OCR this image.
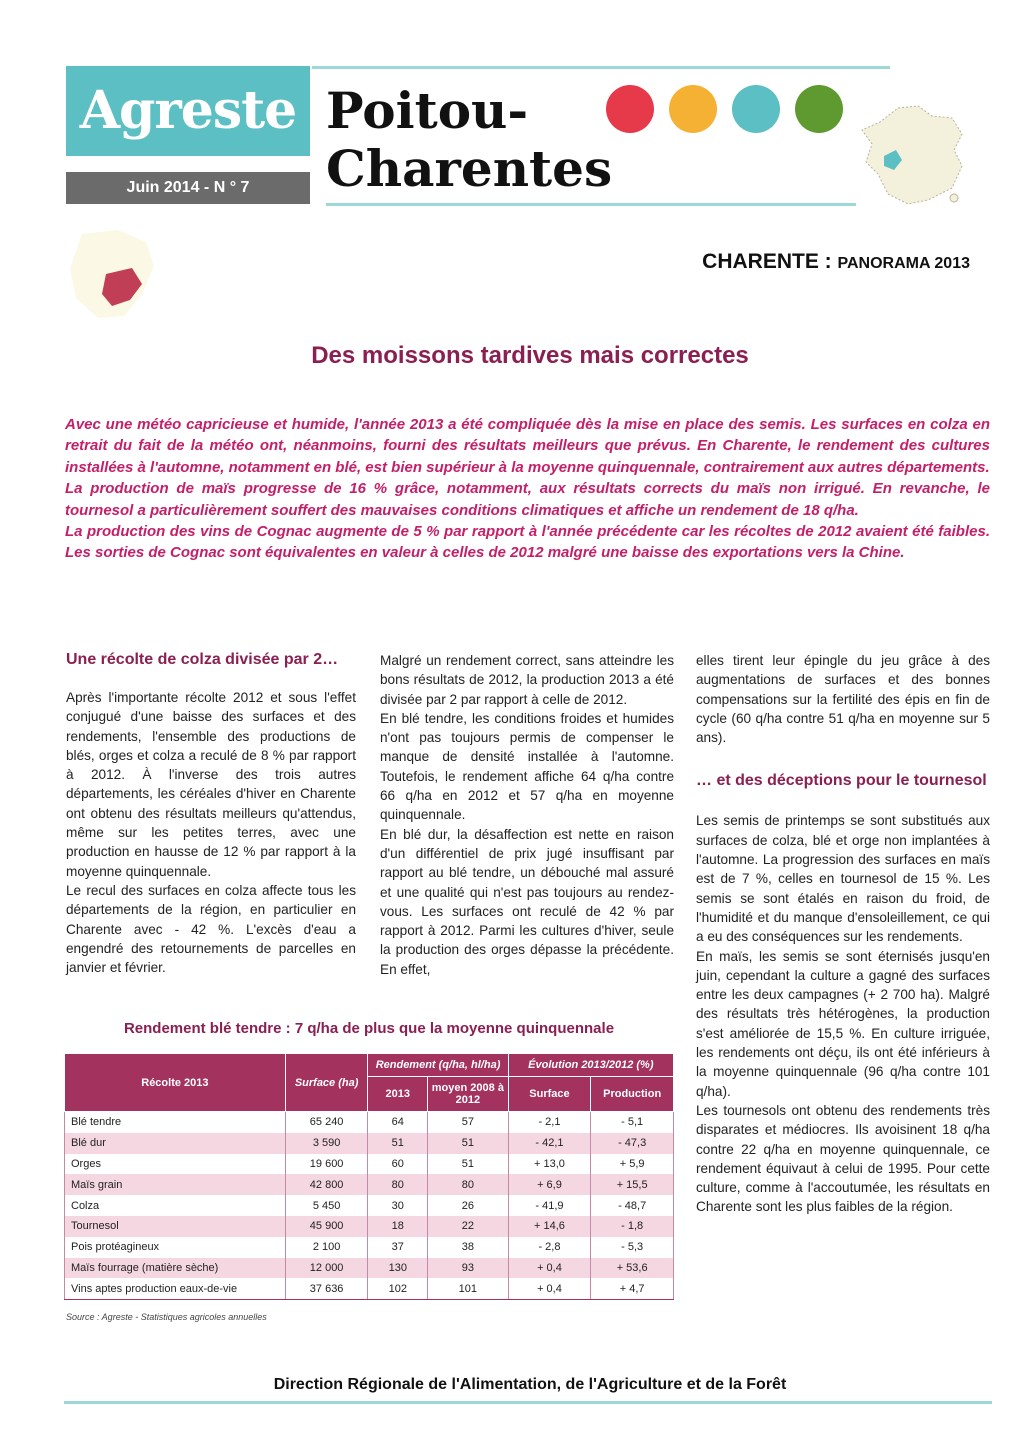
Agreste
Juin 2014 - N ° 7
Poitou-
Charentes
CHARENTE : PANORAMA 2013
Des moissons tardives mais correctes

Avec une météo capricieuse et humide, l'année 2013 a été compliquée dès la mise en place des semis. Les surfaces en colza en retrait du fait de la météo ont, néanmoins, fourni des résultats meilleurs que prévus. En Charente, le rendement des cultures installées à l'automne, notamment en blé, est bien supérieur à la moyenne quinquennale, contrairement aux autres départements.

La production de maïs progresse de 16 % grâce, notamment, aux résultats corrects du maïs non irrigué. En revanche, le tournesol a particulièrement souffert des mauvaises conditions climatiques et affiche un rendement de 18 q/ha.

La production des vins de Cognac augmente de 5 % par rapport à l'année précédente car les récoltes de 2012 avaient été faibles. Les sorties de Cognac sont équivalentes en valeur à celles de 2012 malgré une baisse des exportations vers la Chine.

Une récolte de colza divisée par 2…

Après l'importante récolte 2012 et sous l'effet conjugué d'une baisse des surfaces et des rendements, l'ensemble des productions de blés, orges et colza a reculé de 8 % par rapport à 2012. À l'inverse des trois autres départements, les céréales d'hiver en Charente ont obtenu des résultats meilleurs qu'attendus, même sur les petites terres, avec une production en hausse de 12 % par rapport à la moyenne quinquennale.

Le recul des surfaces en colza affecte tous les départements de la région, en particulier en Charente avec - 42 %. L'excès d'eau a engendré des retournements de parcelles en janvier et février.

Malgré un rendement correct, sans atteindre les bons résultats de 2012, la production 2013 a été divisée par 2 par rapport à celle de 2012.

En blé tendre, les conditions froides et humides n'ont pas toujours permis de compenser le manque de densité installée à l'automne. Toutefois, le rendement affiche 64 q/ha contre 66 q/ha en 2012 et 57 q/ha en moyenne quinquennale.

En blé dur, la désaffection est nette en raison d'un différentiel de prix jugé insuffisant par rapport au blé tendre, un débouché mal assuré et une qualité qui n'est pas toujours au rendez-vous. Les surfaces ont reculé de 42 % par rapport à 2012. Parmi les cultures d'hiver, seule la production des orges dépasse la précédente. En effet,

elles tirent leur épingle du jeu grâce à des augmentations de surfaces et des bonnes compensations sur la fertilité des épis en fin de cycle (60 q/ha contre 51 q/ha en moyenne sur 5 ans).

… et des déceptions pour le tournesol

Les semis de printemps se sont substitués aux surfaces de colza, blé et orge non implantées à l'automne. La progression des surfaces en maïs est de 7 %, celles en tournesol de 15 %. Les semis se sont étalés en raison du froid, de l'humidité et du manque d'ensoleillement, ce qui a eu des conséquences sur les rendements.

En maïs, les semis se sont éternisés jusqu'en juin, cependant la culture a gagné des surfaces entre les deux campagnes (+ 2 700 ha). Malgré des résultats très hétérogènes, la production s'est améliorée de 15,5 %. En culture irriguée, les rendements ont déçu, ils ont été inférieurs à la moyenne quinquennale (96 q/ha contre 101 q/ha).

Les tournesols ont obtenu des rendements très disparates et médiocres. Ils avoisinent 18 q/ha contre 22 q/ha en moyenne quinquennale, ce rendement équivaut à celui de 1995. Pour cette culture, comme à l'accoutumée, les résultats en Charente sont les plus faibles de la région.

Rendement blé tendre : 7 q/ha de plus que la moyenne quinquennale
Récolte 2013	Surface (ha)	Rendement (q/ha, hl/ha)		Évolution 2013/2012 (%)	
		2013	moyen 2008 à 2012	Surface	Production
Blé tendre	65 240	64	57	- 2,1	- 5,1
Blé dur	3 590	51	51	- 42,1	- 47,3
Orges	19 600	60	51	+ 13,0	+ 5,9
Maïs grain	42 800	80	80	+ 6,9	+ 15,5
Colza	5 450	30	26	- 41,9	- 48,7
Tournesol	45 900	18	22	+ 14,6	- 1,8
Pois protéagineux	2 100	37	38	- 2,8	- 5,3
Maïs fourrage (matière sèche)	12 000	130	93	+ 0,4	+ 53,6
Vins aptes production eaux-de-vie	37 636	102	101	+ 0,4	+ 4,7
Source : Agreste - Statistiques agricoles annuelles
Direction Régionale de l'Alimentation, de l'Agriculture et de la Forêt
